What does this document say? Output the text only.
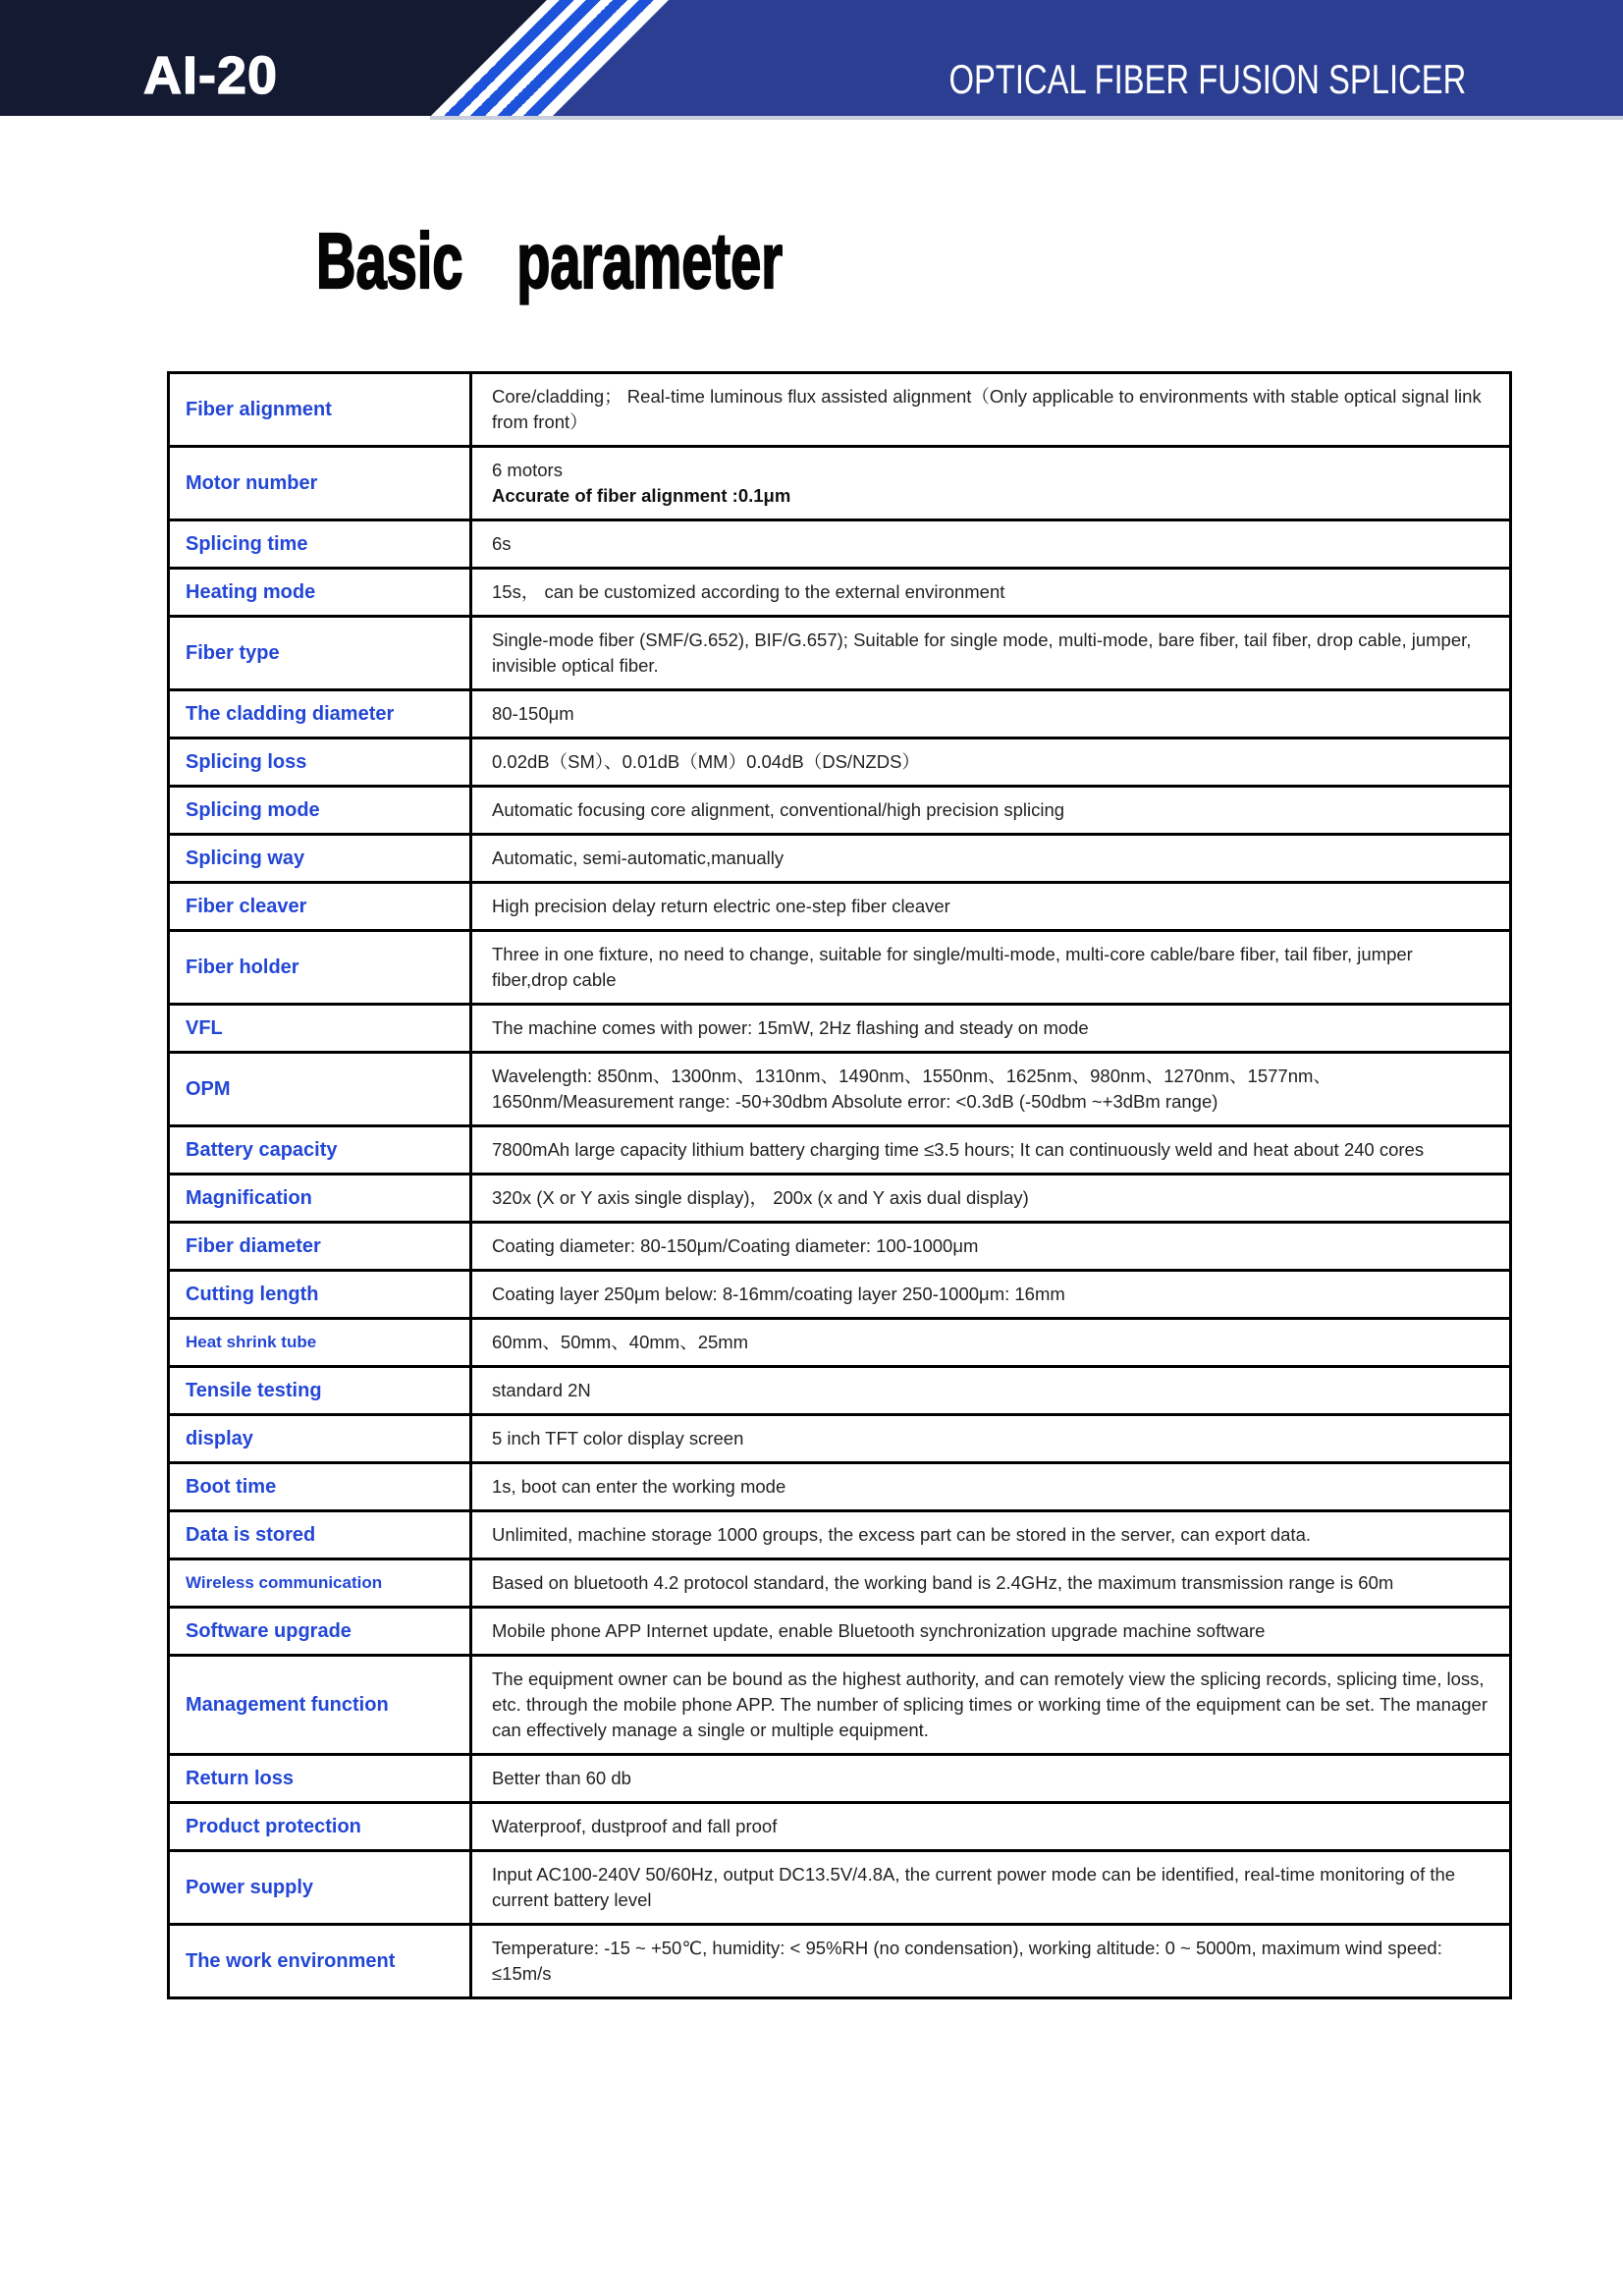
AI-20	OPTICAL FIBER FUSION SPLICER
Basic parameter
Fiber alignment	Core/cladding； Real-time luminous flux assisted alignment（Only applicable to environments with stable optical signal link from front）

Motor number	6 motors
Accurate of fiber alignment :0.1μm

Splicing time	6s

Heating mode	15s， can be customized according to the external environment

Fiber type	Single-mode fiber (SMF/G.652), BIF/G.657); Suitable for single mode, multi-mode, bare fiber, tail fiber, drop cable, jumper, invisible optical fiber.

The cladding diameter	80-150μm

Splicing loss	0.02dB（SM）、0.01dB（MM）0.04dB（DS/NZDS）

Splicing mode	Automatic focusing core alignment, conventional/high precision splicing

Splicing way	Automatic, semi-automatic,manually

Fiber cleaver	High precision delay return electric one-step fiber cleaver

Fiber holder	Three in one fixture, no need to change, suitable for single/multi-mode, multi-core cable/bare fiber, tail fiber, jumper fiber,drop cable

VFL	The machine comes with power: 15mW, 2Hz flashing and steady on mode

OPM	Wavelength: 850nm、1300nm、1310nm、1490nm、1550nm、1625nm、980nm、1270nm、1577nm、1650nm/Measurement range: -50+30dbm Absolute error: <0.3dB (-50dbm ~+3dBm range)

Battery capacity	7800mAh large capacity lithium battery charging time ≤3.5 hours; It can continuously weld and heat about 240 cores

Magnification	320x (X or Y axis single display)， 200x (x and Y axis dual display)

Fiber diameter	Coating diameter: 80-150μm/Coating diameter: 100-1000μm

Cutting length	Coating layer 250μm below: 8-16mm/coating layer 250-1000μm: 16mm

Heat shrink tube	60mm、50mm、40mm、25mm

Tensile testing	standard 2N

display	5 inch TFT color display screen

Boot time	1s, boot can enter the working mode

Data is stored	Unlimited, machine storage 1000 groups, the excess part can be stored in the server, can export data.

Wireless communication	Based on bluetooth 4.2 protocol standard, the working band is 2.4GHz, the maximum transmission range is 60m

Software upgrade	Mobile phone APP Internet update, enable Bluetooth synchronization upgrade machine software

Management function	The equipment owner can be bound as the highest authority, and can remotely view the splicing records, splicing time, loss, etc. through the mobile phone APP. The number of splicing times or working time of the equipment can be set. The manager can effectively manage a single or multiple equipment.

Return loss	Better than 60 db

Product protection	Waterproof, dustproof and fall proof

Power supply	Input AC100-240V 50/60Hz, output DC13.5V/4.8A, the current power mode can be identified, real-time monitoring of the current battery level

The work environment	Temperature: -15 ~ +50℃, humidity: < 95%RH (no condensation), working altitude: 0 ~ 5000m, maximum wind speed: ≤15m/s
